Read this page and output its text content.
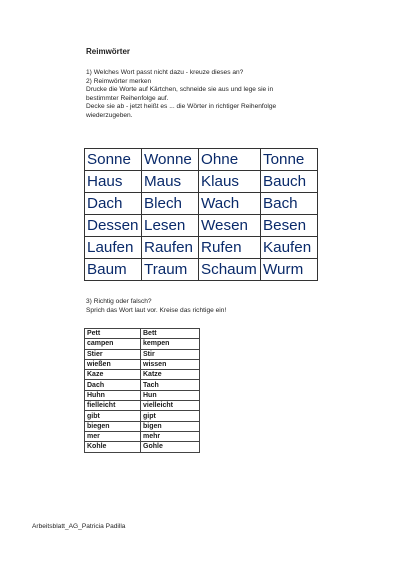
Reimwörter
1) Welches Wort passt nicht dazu - kreuze dieses an?
2) Reimwörter merken
Drucke die Worte auf Kärtchen, schneide sie aus und lege sie in
bestimmter Reihenfolge auf.
Decke sie ab - jetzt heißt es ... die Wörter in richtiger Reihenfolge
wiederzugeben.
Sonne	Wonne	Ohne	Tonne
Haus	Maus	Klaus	Bauch
Dach	Blech	Wach	Bach
Dessen	Lesen	Wesen	Besen
Laufen	Raufen	Rufen	Kaufen
Baum	Traum	Schaum	Wurm
3) Richtig oder falsch?
Sprich das Wort laut vor. Kreise das richtige ein!
Pett	Bett
campen	kempen
Stier	Stir
wießen	wissen
Kaze	Katze
Dach	Tach
Huhn	Hun
fielleicht	vielleicht
gibt	gipt
biegen	bigen
mer	mehr
Kohle	Gohle
Arbeitsblatt_AG_Patricia Padilla
